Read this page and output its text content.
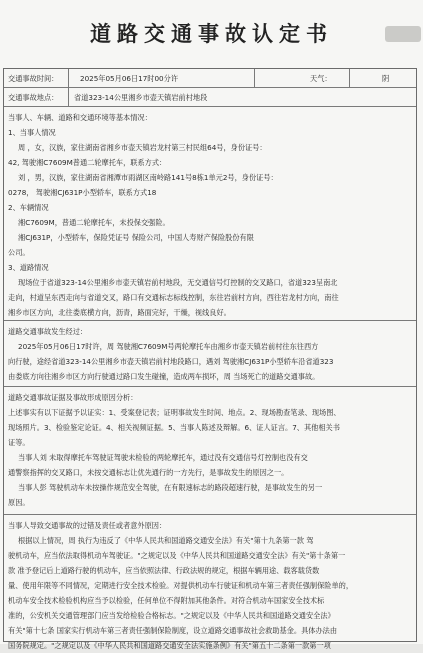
道路交通事故认定书
交通事故时间：	2025年05月06日17时00分许	天气：	阴
交通事故地点： 省道323-14公里湘乡市壶天镇岩前村地段
当事人、车辆、道路和交通环境等基本情况：
1、当事人情况
周 ，女，汉族，家住湖南省湘乡市壶天镇岩龙村第三村民组64号，身份证号：
42, 驾驶湘C7609M普通二轮摩托车，联系方式：
刘 ，男，汉族，家住湖南省湘潭市雨湖区南岭路141号8栋1单元2号，身份证号：
0278， 驾驶湘CJ631P小型轿车，联系方式18
2、车辆情况
湘C7609M，普通二轮摩托车，未投保交强险。
湘CJ631P，小型轿车，保险凭证号 保险公司，中国人寿财产保险股份有限
公司。
3、道路情况
现场位于省道323-14公里湘乡市壶天镇岩前村地段，无交通信号灯控制的交叉路口，省道323呈南北
走向，村道呈东西走向与省道交叉，路口有交通标志标线控制，东往岩前村方向，西往岩龙村方向，南往
湘乡市区方向，北往娄底横方向，沥青，路面完好，干燥，视线良好。
道路交通事故发生经过：
2025年05月06日17时许，周 驾驶湘C7609M号两轮摩托车由湘乡市壶天镇岩前村往东往西方
向行驶，途经省道323-14公里湘乡市壶天镇岩前村地段路口，遇刘 驾驶湘CJ631P小型轿车沿省道323
由娄底方向往湘乡市区方向行驶通过路口发生碰撞，造成两车损坏，周 当场死亡的道路交通事故。
道路交通事故证据及事故形成原因分析：
上述事实有以下证据予以证实：1、受案登记表；证明事故发生时间、地点。2、现场勘查笔录、现场图、
现场照片。3、检验鉴定论证。4、相关视频证据。5、当事人陈述及辩解。6、证人证言。7、其他相关书
证等。
当事人刘 未取得摩托车驾驶证驾驶未检验的两轮摩托车，通过没有交通信号灯控制也没有交
通警察指挥的交叉路口，未按交通标志让优先通行的一方先行，是事故发生的原因之一。
当事人彭 驾驶机动车未按操作规范安全驾驶，在有限速标志的路段超速行驶，是事故发生的另一
原因。
当事人导致交通事故的过错及责任或者意外原因：
根据以上情况，周 执行为违反了《中华人民共和国道路交通安全法》有关"第十九条第一款 驾
驶机动车，应当依法取得机动车驾驶证。"之规定以及《中华人民共和国道路交通安全法》有关"第十条第一
款 准予登记后上道路行驶的机动车，应当依照法律、行政法规的规定，根据车辆用途、载客载货数
量、使用年限等不同情况，定期进行安全技术检验。对提供机动车行驶证和机动车第三者责任强制保险单的，
机动车安全技术检验机构应当予以检验，任何单位不得附加其他条件。对符合机动车国家安全技术标
准的，公安机关交通管理部门应当发给检验合格标志。"之规定以及《中华人民共和国道路交通安全法》
有关"第十七条 国家实行机动车第三者责任强制保险制度，设立道路交通事故社会救助基金。具体办法由
国务院规定。"之规定以及《中华人民共和国道路交通安全法实施条例》有关"第五十二条第一款第一项
